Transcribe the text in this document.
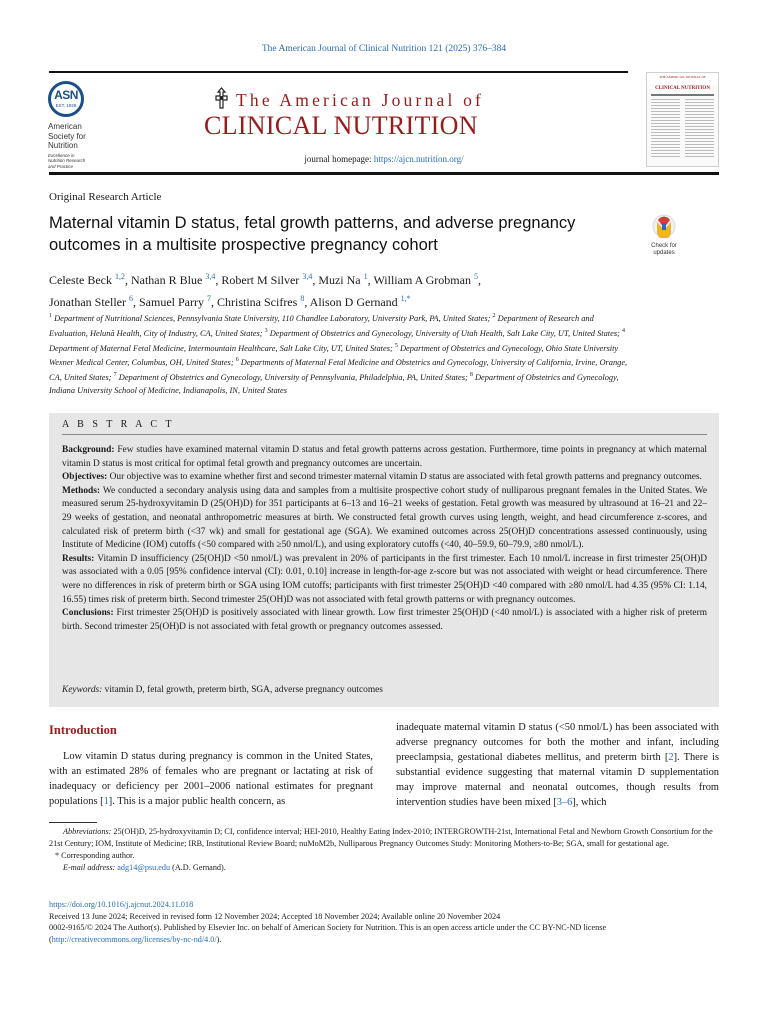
The American Journal of Clinical Nutrition 121 (2025) 376–384
ASN
EST. 1928
American
Society for
Nutrition
Excellence in
Nutrition Research
and Practice
The American Journal of
CLINICAL NUTRITION
journal homepage: https://ajcn.nutrition.org/
THE AMERICAN JOURNAL OF
CLINICAL NUTRITION
Original Research Article
Maternal vitamin D status, fetal growth patterns, and adverse pregnancy outcomes in a multisite prospective pregnancy cohort	Check for
updates
Celeste Beck $^{1,2}$, Nathan R Blue $^{3,4}$, Robert M Silver $^{3,4}$, Muzi Na $^1$, William A Grobman $^5$,
Jonathan Steller $^6$, Samuel Parry $^7$, Christina Scifres $^8$, Alison D Gernand $^{1,*}$
$^1$ Department of Nutritional Sciences, Pennsylvania State University, 110 Chandlee Laboratory, University Park, PA, United States; $^2$ Department of Research and Evaluation, Helună Health, City of Industry, CA, United States; $^3$ Department of Obstetrics and Gynecology, University of Utah Health, Salt Lake City, UT, United States; $^4$ Department of Maternal Fetal Medicine, Intermountain Healthcare, Salt Lake City, UT, United States; $^5$ Department of Obstetrics and Gynecology, Ohio State University Wexner Medical Center, Columbus, OH, United States; $^6$ Departments of Maternal Fetal Medicine and Obstetrics and Gynecology, University of California, Irvine, Orange, CA, United States; $^7$ Department of Obstetrics and Gynecology, University of Pennsylvania, Philadelphia, PA, United States; $^8$ Department of Obstetrics and Gynecology, Indiana University School of Medicine, Indianapolis, IN, United States
A B S T R A C T
Background: Few studies have examined maternal vitamin D status and fetal growth patterns across gestation. Furthermore, time points in pregnancy at which maternal vitamin D status is most critical for optimal fetal growth and pregnancy outcomes are uncertain.
Objectives: Our objective was to examine whether first and second trimester maternal vitamin D status are associated with fetal growth patterns and pregnancy outcomes.
Methods: We conducted a secondary analysis using data and samples from a multisite prospective cohort study of nulliparous pregnant females in the United States. We measured serum 25-hydroxyvitamin D (25(OH)D) for 351 participants at 6–13 and 16–21 weeks of gestation. Fetal growth was measured by ultrasound at 16–21 and 22–29 weeks of gestation, and neonatal anthropometric measures at birth. We constructed fetal growth curves using length, weight, and head circumference z-scores, and calculated risk of preterm birth (<37 wk) and small for gestational age (SGA). We examined outcomes across 25(OH)D concentrations assessed continuously, using Institute of Medicine (IOM) cutoffs (<50 compared with ≥50 nmol/L), and using exploratory cutoffs (<40, 40–59.9, 60–79.9, ≥80 nmol/L).
Results: Vitamin D insufficiency (25(OH)D <50 nmol/L) was prevalent in 20% of participants in the first trimester. Each 10 nmol/L increase in first trimester 25(OH)D was associated with a 0.05 [95% confidence interval (CI): 0.01, 0.10] increase in length-for-age z-score but was not associated with weight or head circumference. There were no differences in risk of preterm birth or SGA using IOM cutoffs; participants with first trimester 25(OH)D <40 compared with ≥80 nmol/L had 4.35 (95% CI: 1.14, 16.55) times risk of preterm birth. Second trimester 25(OH)D was not associated with fetal growth patterns or with pregnancy outcomes.
Conclusions: First trimester 25(OH)D is positively associated with linear growth. Low first trimester 25(OH)D (<40 nmol/L) is associated with a higher risk of preterm birth. Second trimester 25(OH)D is not associated with fetal growth or pregnancy outcomes assessed.
Keywords: vitamin D, fetal growth, preterm birth, SGA, adverse pregnancy outcomes
Introduction
Low vitamin D status during pregnancy is common in the United States, with an estimated 28% of females who are pregnant or lactating at risk of inadequacy or deficiency per 2001–2006 national estimates for pregnant populations [1]. This is a major public health concern, as
inadequate maternal vitamin D status (<50 nmol/L) has been associated with adverse pregnancy outcomes for both the mother and infant, including preeclampsia, gestational diabetes mellitus, and preterm birth [2]. There is substantial evidence suggesting that maternal vitamin D supplementation may improve maternal and neonatal outcomes, though results from intervention studies have been mixed [3–6], which
Abbreviations: 25(OH)D, 25-hydroxyvitamin D; CI, confidence interval; HEI-2010, Healthy Eating Index-2010; INTERGROWTH-21st, International Fetal and Newborn Growth Consortium for the 21st Century; IOM, Institute of Medicine; IRB, Institutional Review Board; nuMoM2b, Nulliparous Pregnancy Outcomes Study: Monitoring Mothers-to-Be; SGA, small for gestational age.
* Corresponding author.
E-mail address: adg14@psu.edu (A.D. Gernand).
https://doi.org/10.1016/j.ajcnut.2024.11.018
Received 13 June 2024; Received in revised form 12 November 2024; Accepted 18 November 2024; Available online 20 November 2024
0002-9165/© 2024 The Author(s). Published by Elsevier Inc. on behalf of American Society for Nutrition. This is an open access article under the CC BY-NC-ND license (http://creativecommons.org/licenses/by-nc-nd/4.0/).
